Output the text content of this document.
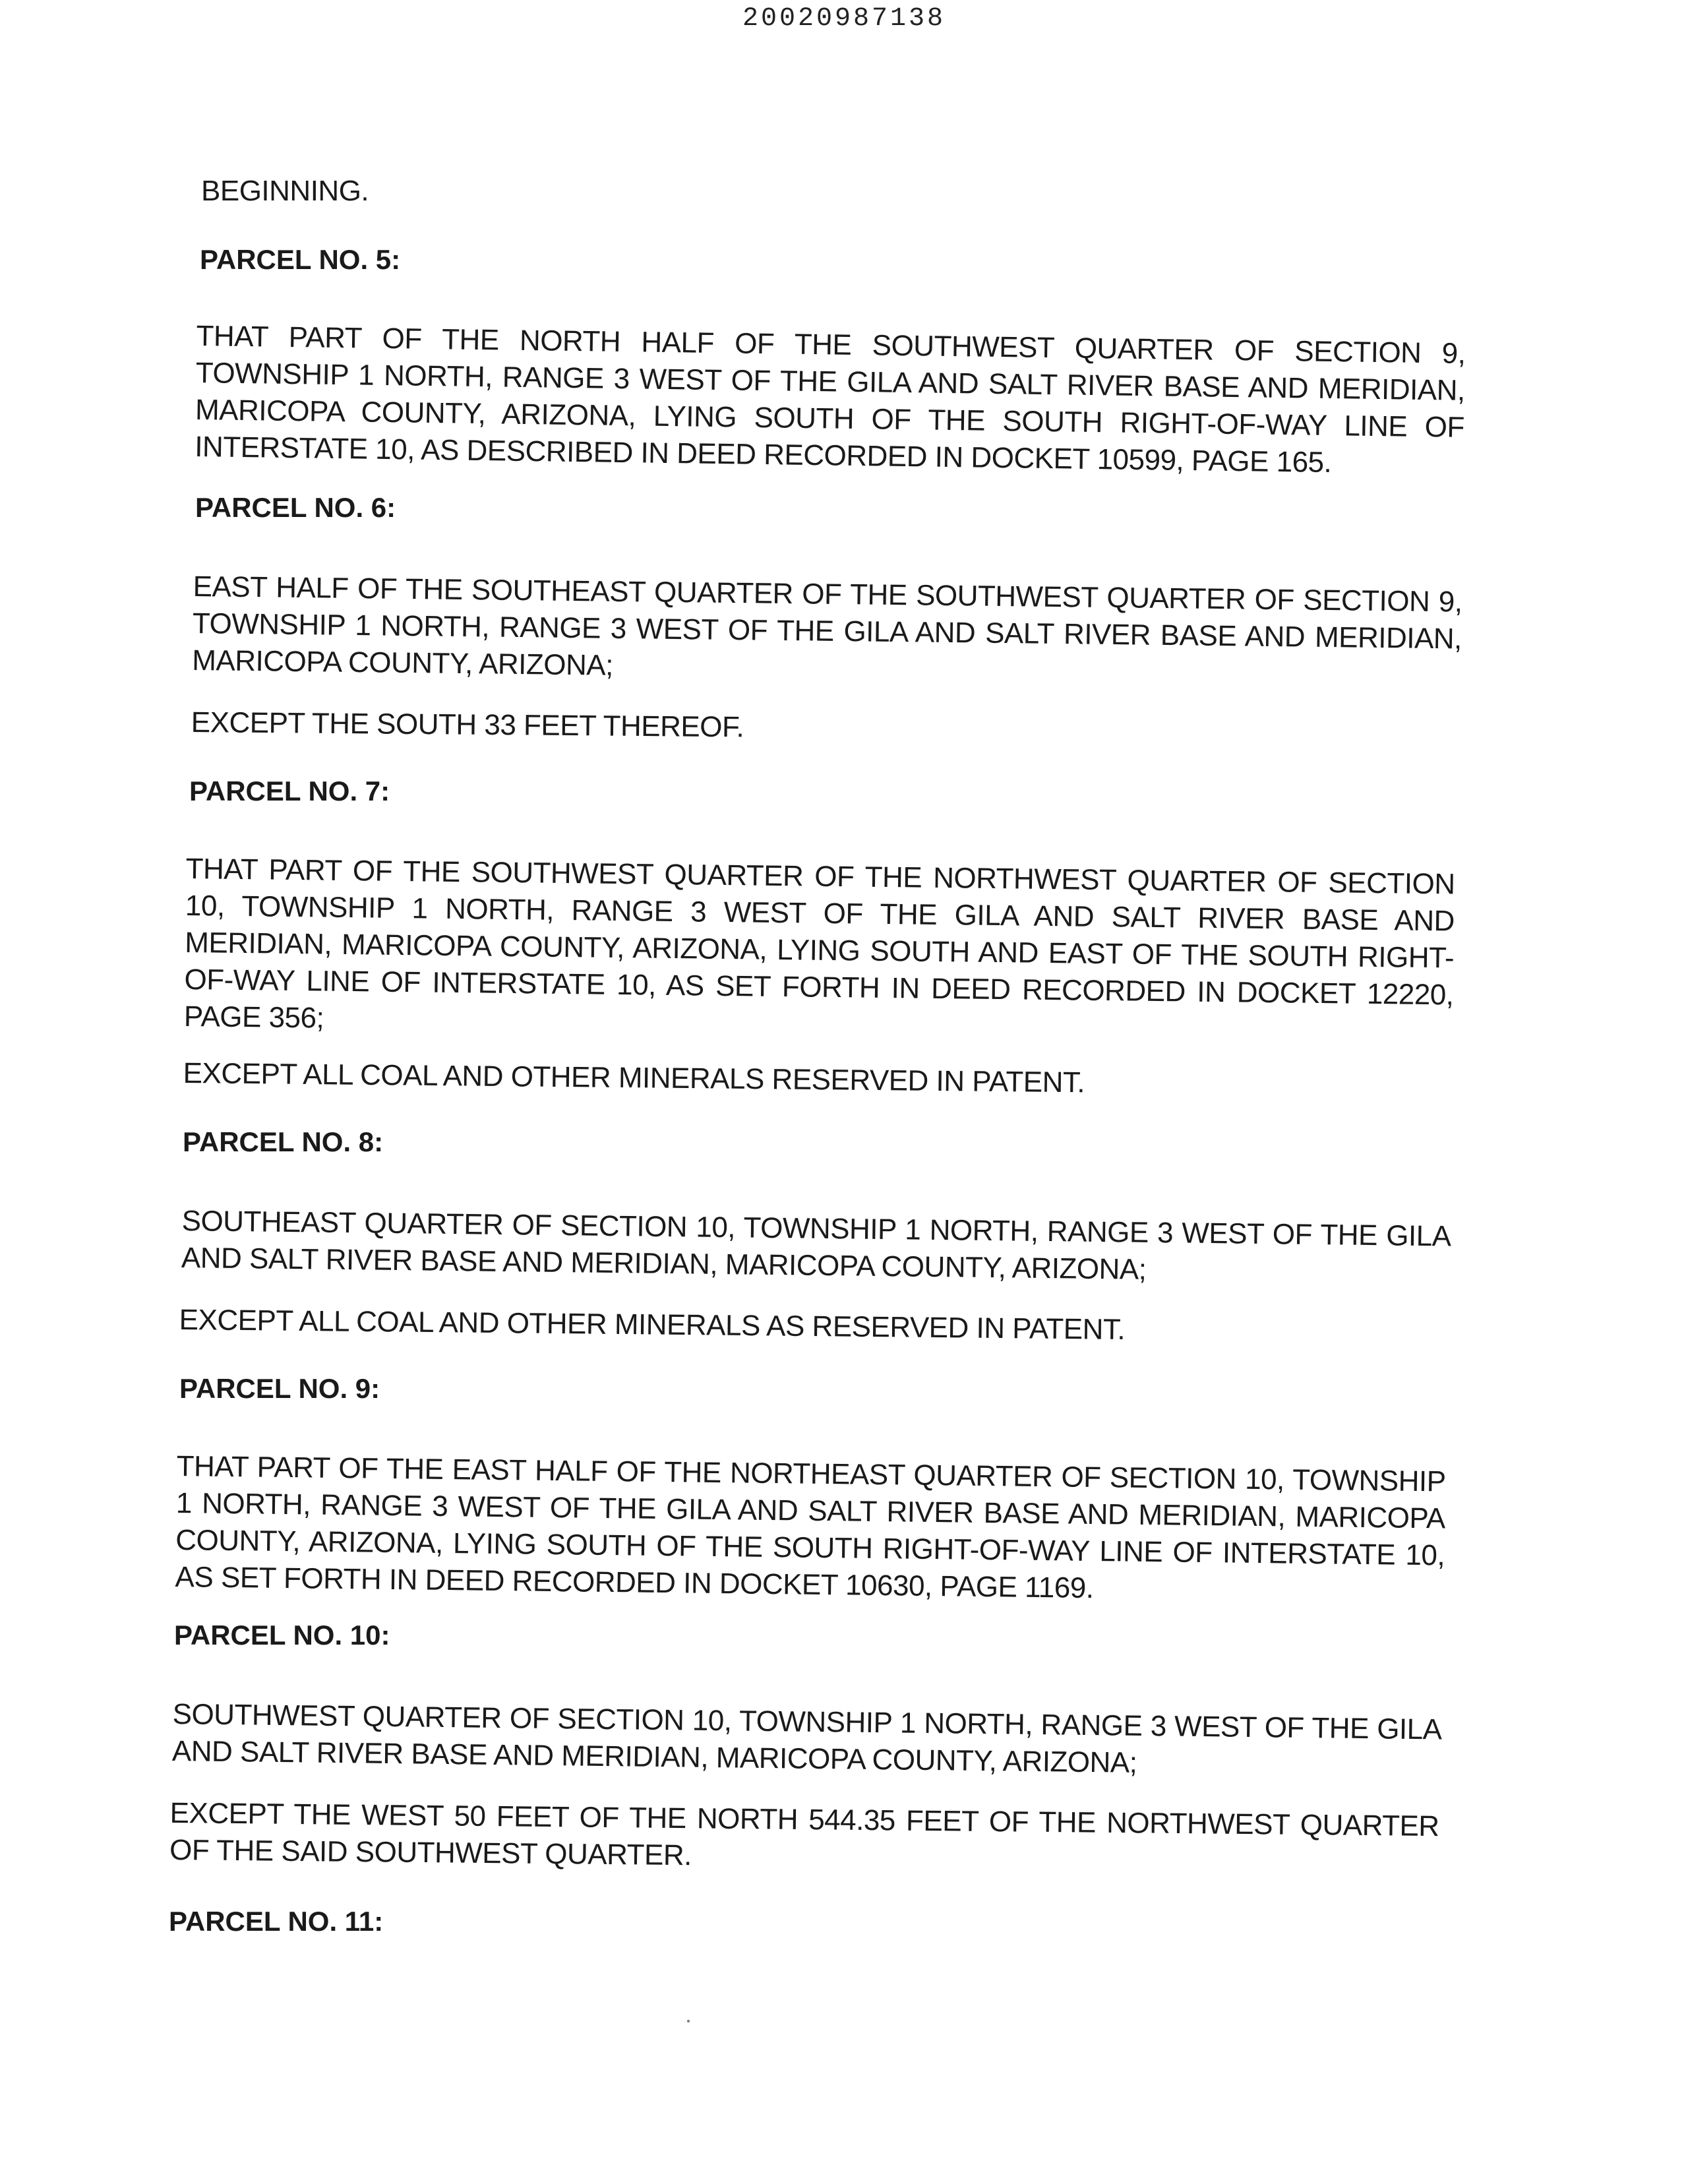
20020987138
BEGINNING.
PARCEL NO. 5:
THAT PART OF THE NORTH HALF OF THE SOUTHWEST QUARTER OF SECTION 9, TOWNSHIP 1 NORTH, RANGE 3 WEST OF THE GILA AND SALT RIVER BASE AND MERIDIAN, MARICOPA COUNTY, ARIZONA, LYING SOUTH OF THE SOUTH RIGHT-OF-WAY LINE OF INTERSTATE 10, AS DESCRIBED IN DEED RECORDED IN DOCKET 10599, PAGE 165.
PARCEL NO. 6:
EAST HALF OF THE SOUTHEAST QUARTER OF THE SOUTHWEST QUARTER OF SECTION 9, TOWNSHIP 1 NORTH, RANGE 3 WEST OF THE GILA AND SALT RIVER BASE AND MERIDIAN, MARICOPA COUNTY, ARIZONA;
EXCEPT THE SOUTH 33 FEET THEREOF.
PARCEL NO. 7:
THAT PART OF THE SOUTHWEST QUARTER OF THE NORTHWEST QUARTER OF SECTION 10, TOWNSHIP 1 NORTH, RANGE 3 WEST OF THE GILA AND SALT RIVER BASE AND MERIDIAN, MARICOPA COUNTY, ARIZONA, LYING SOUTH AND EAST OF THE SOUTH RIGHT-OF-WAY LINE OF INTERSTATE 10, AS SET FORTH IN DEED RECORDED IN DOCKET 12220, PAGE 356;
EXCEPT ALL COAL AND OTHER MINERALS RESERVED IN PATENT.
PARCEL NO. 8:
SOUTHEAST QUARTER OF SECTION 10, TOWNSHIP 1 NORTH, RANGE 3 WEST OF THE GILA AND SALT RIVER BASE AND MERIDIAN, MARICOPA COUNTY, ARIZONA;
EXCEPT ALL COAL AND OTHER MINERALS AS RESERVED IN PATENT.
PARCEL NO. 9:
THAT PART OF THE EAST HALF OF THE NORTHEAST QUARTER OF SECTION 10, TOWNSHIP 1 NORTH, RANGE 3 WEST OF THE GILA AND SALT RIVER BASE AND MERIDIAN, MARICOPA COUNTY, ARIZONA, LYING SOUTH OF THE SOUTH RIGHT-OF-WAY LINE OF INTERSTATE 10, AS SET FORTH IN DEED RECORDED IN DOCKET 10630, PAGE 1169.
PARCEL NO. 10:
SOUTHWEST QUARTER OF SECTION 10, TOWNSHIP 1 NORTH, RANGE 3 WEST OF THE GILA AND SALT RIVER BASE AND MERIDIAN, MARICOPA COUNTY, ARIZONA;
EXCEPT THE WEST 50 FEET OF THE NORTH 544.35 FEET OF THE NORTHWEST QUARTER OF THE SAID SOUTHWEST QUARTER.
PARCEL NO. 11:
